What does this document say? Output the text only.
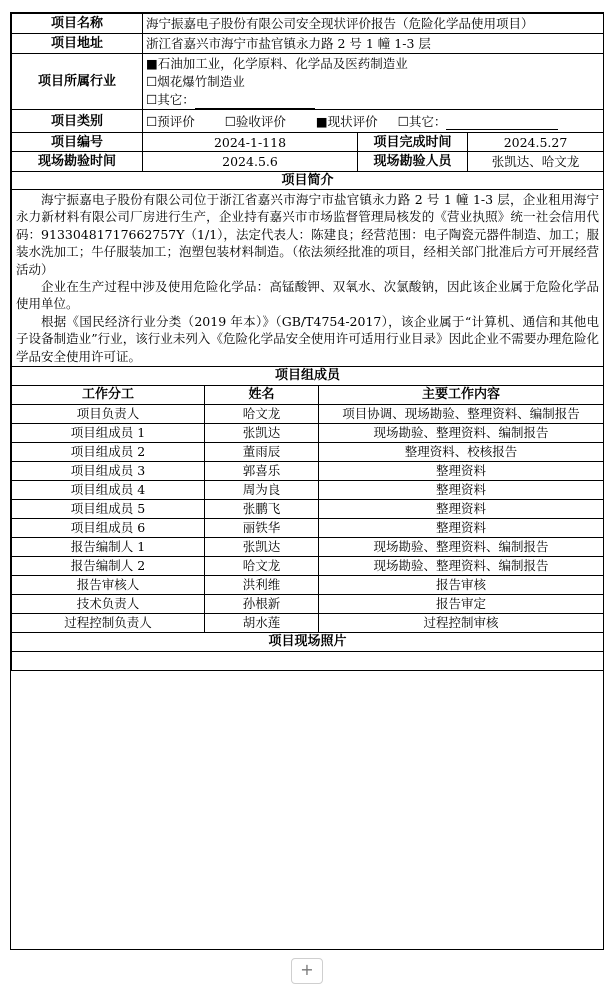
项目名称	海宁振嘉电子股份有限公司安全现状评价报告（危险化学品使用项目）		
项目地址	浙江省嘉兴市海宁市盐官镇永力路 2 号 1 幢 1-3 层		
项目所属行业	■石油加工业，化学原料、化学品及医药制造业
☐烟花爆竹制造业
☐其它：		

项目类别	☐预评价 ☐验收评价 ■现状评价 ☐其它：		
项目编号	2024-1-118	项目完成时间	2024.5.27
现场勘验时间	2024.5.6	现场勘验人员	张凯达、哈文龙
项目简介			

海宁振嘉电子股份有限公司位于浙江省嘉兴市海宁市盐官镇永力路 2 号 1 幢 1-3 层，企业租用海宁永力新材料有限公司厂房进行生产，企业持有嘉兴市市场监督管理局核发的《营业执照》统一社会信用代码：91330481717662757Y（1/1），法定代表人：陈建良；经营范围：电子陶瓷元器件制造、加工；服装水洗加工；牛仔服装加工；泡塑包装材料制造。（依法须经批准的项目，经相关部门批准后方可开展经营活动）

企业在生产过程中涉及使用危险化学品：高锰酸钾、双氧水、次氯酸钠，因此该企业属于危险化学品使用单位。

根据《国民经济行业分类（2019 年本）》（GB/T4754-2017），该企业属于“计算机、通信和其他电子设备制造业”行业，该行业未列入《危险化学品安全使用许可适用行业目录》因此企业不需要办理危险化学品安全使用许可证。			

项目组成员		
工作分工	姓名	主要工作内容
项目负责人	哈文龙	项目协调、现场勘验、整理资料、编制报告
项目组成员 1	张凯达	现场勘验、整理资料、编制报告
项目组成员 2	董雨辰	整理资料、校核报告
项目组成员 3	郭喜乐	整理资料
项目组成员 4	周为良	整理资料
项目组成员 5	张鹏飞	整理资料
项目组成员 6	丽铁华	整理资料
报告编制人 1	张凯达	现场勘验、整理资料、编制报告
报告编制人 2	哈文龙	现场勘验、整理资料、编制报告
报告审核人	洪利维	报告审核
技术负责人	孙根新	报告审定
过程控制负责人	胡水莲	过程控制审核
项目现场照片		

+
